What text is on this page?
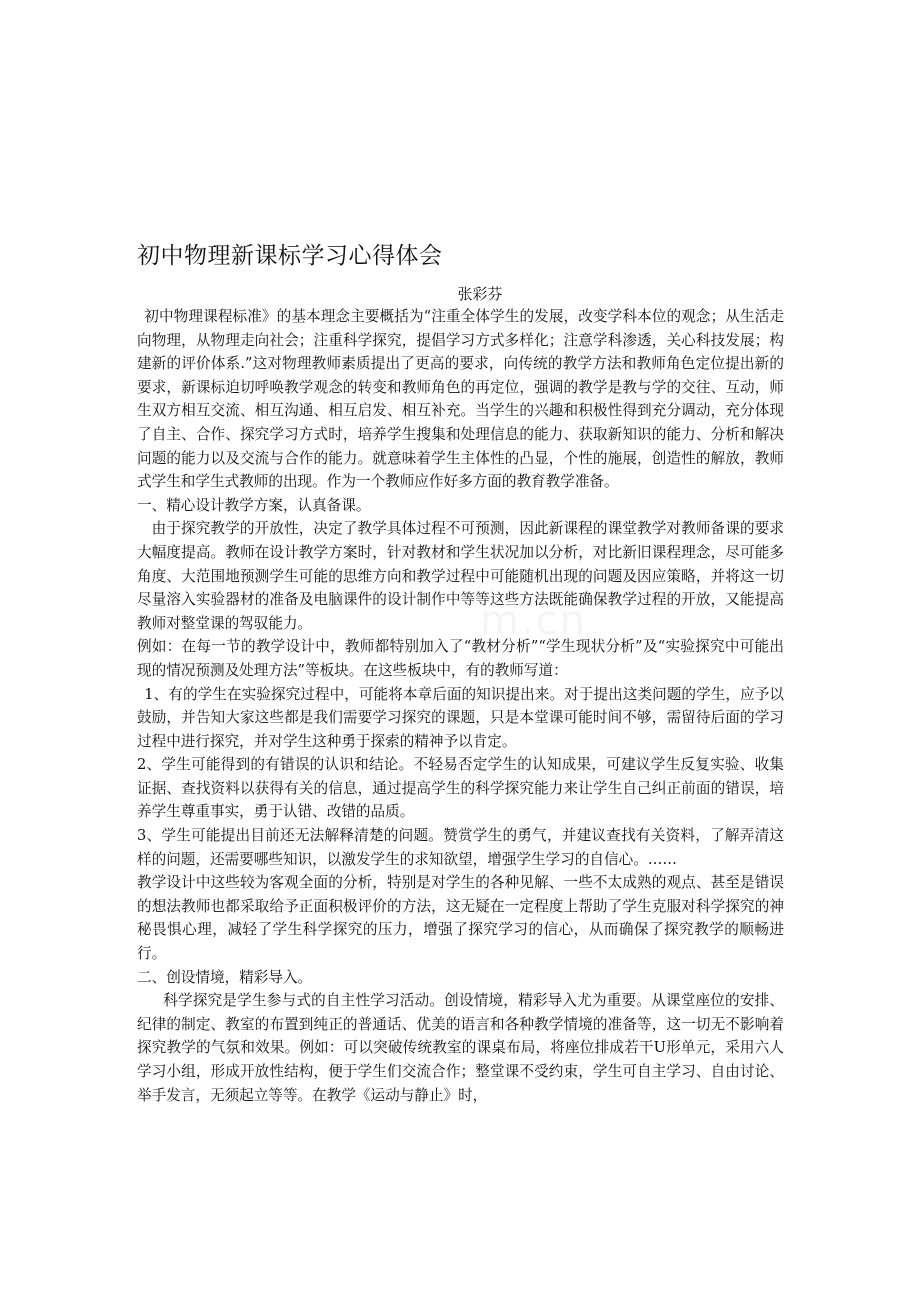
初中物理新课标学习心得体会

张彩芬

初中物理课程标准》的基本理念主要概括为“注重全体学生的发展，改变学科本位的观念；从生活走向物理，从物理走向社会；注重科学探究，提倡学习方式多样化；注意学科渗透，关心科技发展；构建新的评价体系.”这对物理教师素质提出了更高的要求，向传统的教学方法和教师角色定位提出新的要求，新课标迫切呼唤教学观念的转变和教师角色的再定位，强调的教学是教与学的交往、互动，师生双方相互交流、相互沟通、相互启发、相互补充。当学生的兴趣和积极性得到充分调动，充分体现了自主、合作、探究学习方式时，培养学生搜集和处理信息的能力、获取新知识的能力、分析和解决问题的能力以及交流与合作的能力。就意味着学生主体性的凸显，个性的施展，创造性的解放，教师式学生和学生式教师的出现。作为一个教师应作好多方面的教育教学准备。

一、精心设计教学方案，认真备课。

由于探究教学的开放性，决定了教学具体过程不可预测，因此新课程的课堂教学对教师备课的要求大幅度提高。教师在设计教学方案时，针对教材和学生状况加以分析，对比新旧课程理念，尽可能多角度、大范围地预测学生可能的思维方向和教学过程中可能随机出现的问题及因应策略，并将这一切尽量溶入实验器材的准备及电脑课件的设计制作中等等这些方法既能确保教学过程的开放，又能提高教师对整堂课的驾驭能力。

例如：在每一节的教学设计中，教师都特别加入了“教材分析”“学生现状分析”及“实验探究中可能出现的情况预测及处理方法”等板块。在这些板块中，有的教师写道：

1、有的学生在实验探究过程中，可能将本章后面的知识提出来。对于提出这类问题的学生，应予以鼓励，并告知大家这些都是我们需要学习探究的课题，只是本堂课可能时间不够，需留待后面的学习过程中进行探究，并对学生这种勇于探索的精神予以肯定。

2、学生可能得到的有错误的认识和结论。不轻易否定学生的认知成果，可建议学生反复实验、收集证据、查找资料以获得有关的信息，通过提高学生的科学探究能力来让学生自己纠正前面的错误，培养学生尊重事实，勇于认错、改错的品质。

3、学生可能提出目前还无法解释清楚的问题。赞赏学生的勇气，并建议查找有关资料，了解弄清这样的问题，还需要哪些知识，以激发学生的求知欲望，增强学生学习的自信心。……

教学设计中这些较为客观全面的分析，特别是对学生的各种见解、一些不太成熟的观点、甚至是错误的想法教师也都采取给予正面积极评价的方法，这无疑在一定程度上帮助了学生克服对科学探究的神秘畏惧心理，减轻了学生科学探究的压力，增强了探究学习的信心，从而确保了探究教学的顺畅进行。

二、创设情境，精彩导入。

科学探究是学生参与式的自主性学习活动。创设情境，精彩导入尤为重要。从课堂座位的安排、纪律的制定、教室的布置到纯正的普通话、优美的语言和各种教学情境的准备等，这一切无不影响着探究教学的气氛和效果。例如：可以突破传统教室的课桌布局，将座位排成若干U形单元，采用六人学习小组，形成开放性结构，便于学生们交流合作；整堂课不受约束，学生可自主学习、自由讨论、举手发言，无须起立等等。在教学《运动与静止》时，
